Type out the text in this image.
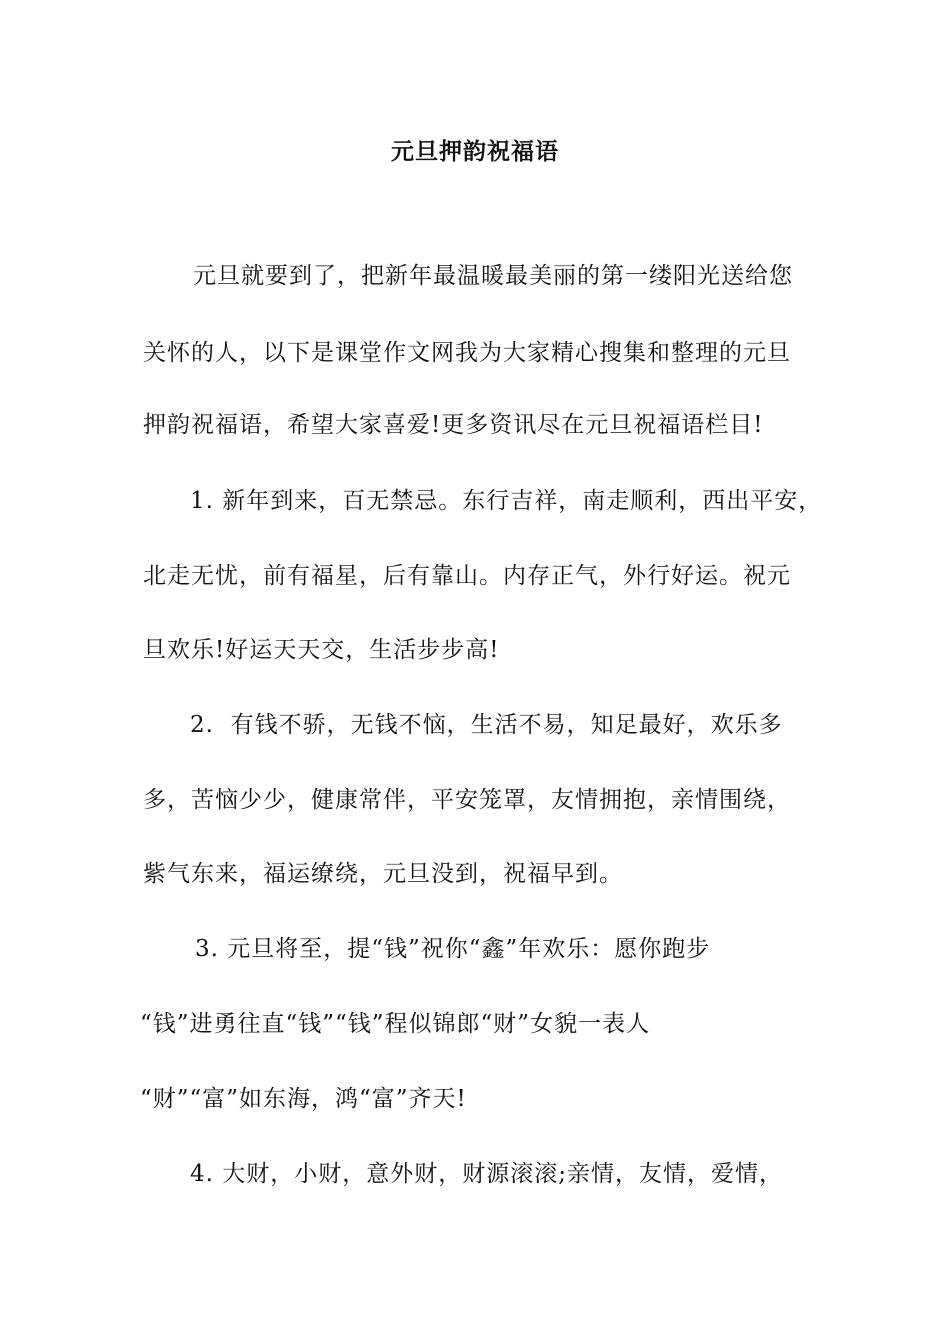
元旦押韵祝福语
元旦就要到了，把新年最温暖最美丽的第一缕阳光送给您
关怀的人，以下是课堂作文网我为大家精心搜集和整理的元旦
押韵祝福语，希望大家喜爱!更多资讯尽在元旦祝福语栏目!
1. 新年到来，百无禁忌。东行吉祥，南走顺利，西出平安，
北走无忧，前有福星，后有靠山。内存正气，外行好运。祝元
旦欢乐!好运天天交，生活步步高!
2.  有钱不骄，无钱不恼，生活不易，知足最好，欢乐多
多，苦恼少少，健康常伴，平安笼罩，友情拥抱，亲情围绕，
紫气东来，福运缭绕，元旦没到，祝福早到。
3. 元旦将至，提“钱”祝你“鑫”年欢乐：愿你跑步
“钱”进勇往直“钱”“钱”程似锦郎“财”女貌一表人
“财”“富”如东海，鸿“富”齐天!
4. 大财，小财，意外财，财源滚滚;亲情，友情，爱情，
